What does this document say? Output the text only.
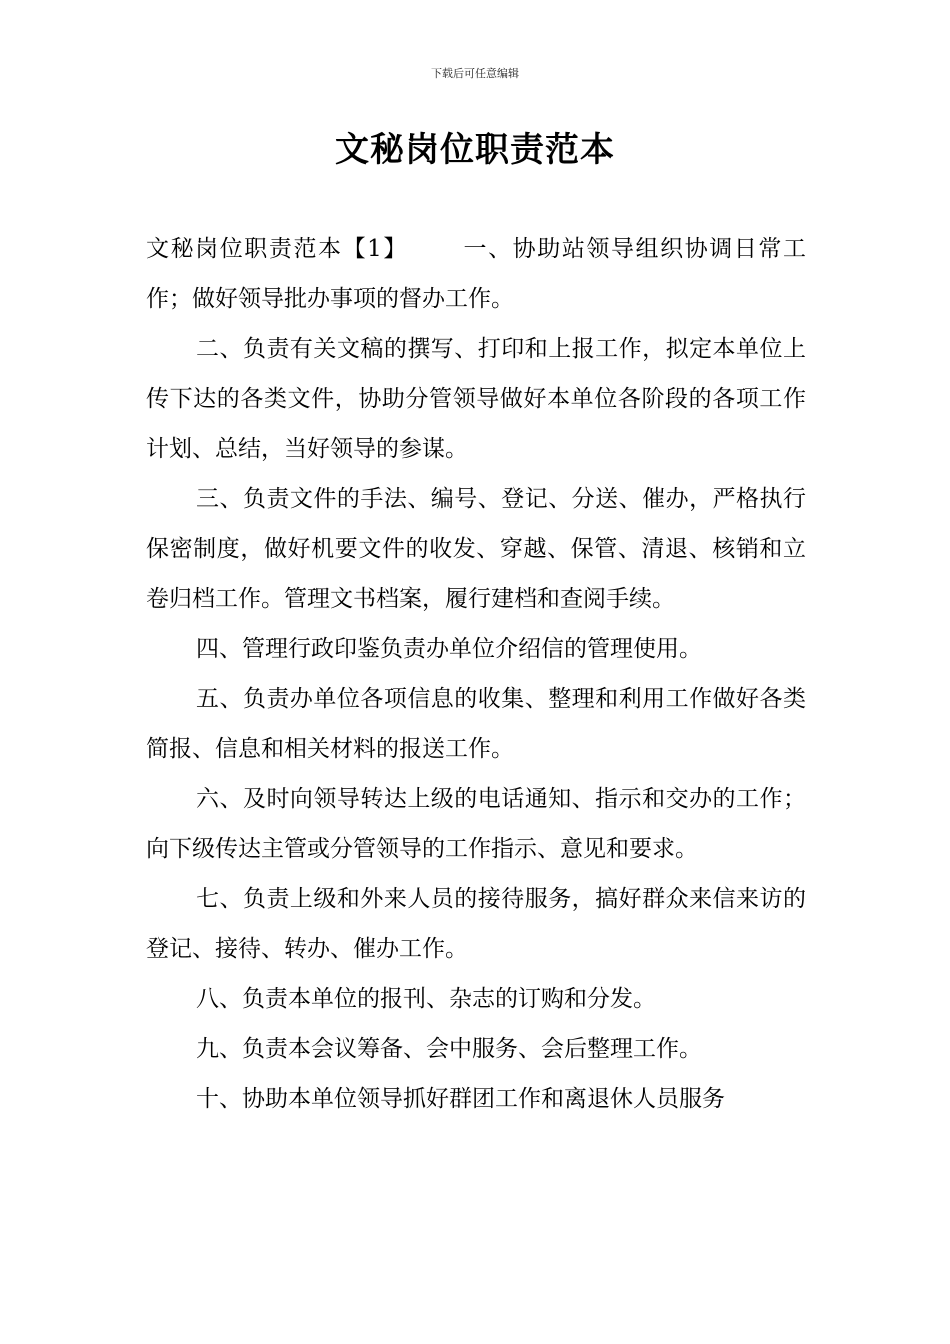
下载后可任意编辑
文秘岗位职责范本

文秘岗位职责范本【1】 一、协助站领导组织协调日常工作；做好领导批办事项的督办工作。

二、负责有关文稿的撰写、打印和上报工作，拟定本单位上传下达的各类文件，协助分管领导做好本单位各阶段的各项工作计划、总结，当好领导的参谋。

三、负责文件的手法、编号、登记、分送、催办，严格执行保密制度，做好机要文件的收发、穿越、保管、清退、核销和立卷归档工作。管理文书档案，履行建档和查阅手续。

四、管理行政印鉴负责办单位介绍信的管理使用。

五、负责办单位各项信息的收集、整理和利用工作做好各类简报、信息和相关材料的报送工作。

六、及时向领导转达上级的电话通知、指示和交办的工作；向下级传达主管或分管领导的工作指示、意见和要求。

七、负责上级和外来人员的接待服务，搞好群众来信来访的登记、接待、转办、催办工作。

八、负责本单位的报刊、杂志的订购和分发。

九、负责本会议筹备、会中服务、会后整理工作。

十、协助本单位领导抓好群团工作和离退休人员服务
